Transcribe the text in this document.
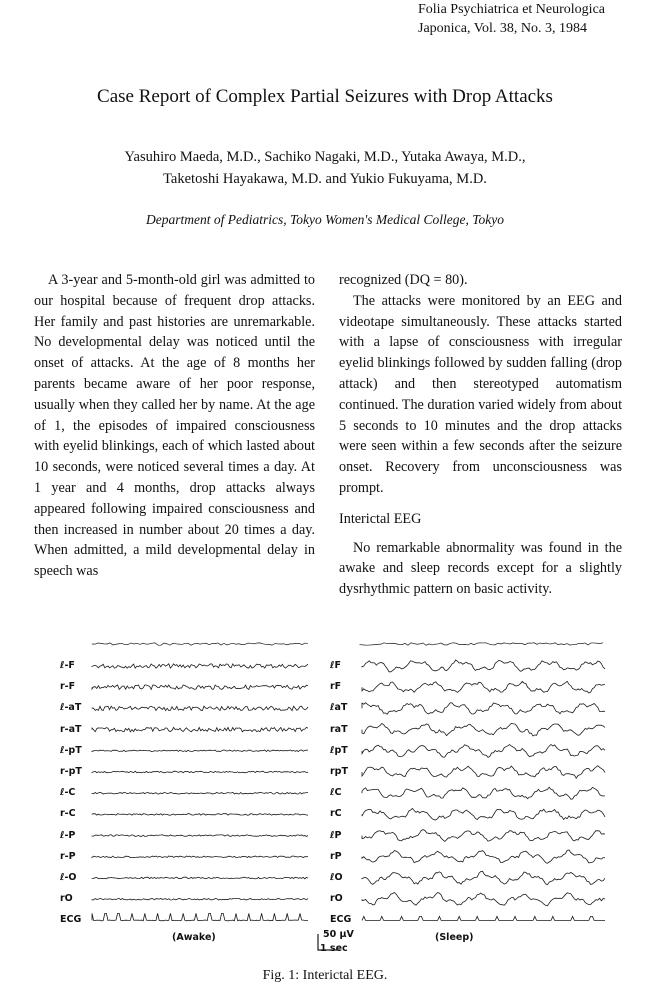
Folia Psychiatrica et Neurologica
Japonica, Vol. 38, No. 3, 1984
Case Report of Complex Partial Seizures with Drop Attacks
Yasuhiro Maeda, M.D., Sachiko Nagaki, M.D., Yutaka Awaya, M.D.,
Taketoshi Hayakawa, M.D. and Yukio Fukuyama, M.D.
Department of Pediatrics, Tokyo Women's Medical College, Tokyo

A 3-year and 5-month-old girl was admitted to our hospital because of frequent drop attacks. Her family and past histories are unremarkable. No developmental delay was noticed until the onset of attacks. At the age of 8 months her parents became aware of her poor response, usually when they called her by name. At the age of 1, the episodes of impaired consciousness with eyelid blinkings, each of which lasted about 10 seconds, were noticed several times a day. At 1 year and 4 months, drop attacks always appeared following impaired consciousness and then increased in number about 20 times a day. When admitted, a mild developmental delay in speech was

recognized (DQ = 80).

The attacks were monitored by an EEG and videotape simultaneously. These attacks started with a lapse of consciousness with irregular eyelid blinkings followed by sudden falling (drop attack) and then stereotyped automatism continued. The duration varied widely from about 5 seconds to 10 minutes and the drop attacks were seen within a few seconds after the seizure onset. Recovery from unconsciousness was prompt.

Interictal EEG

No remarkable abnormality was found in the awake and sleep records except for a slightly dysrhythmic pattern on basic activity.

ℓ-F
r-F
ℓ-aT
r-aT
ℓ-pT
r-pT
ℓ-C
r-C
ℓ-P
r-P
ℓ-O
rO
ECG
ℓF
rF
ℓaT
raT
ℓpT
rpT
ℓC
rC
ℓP
rP
ℓO
rO
ECG
(Awake)	(Sleep)
50 μV
1 sec
Fig. 1: Interictal EEG.
